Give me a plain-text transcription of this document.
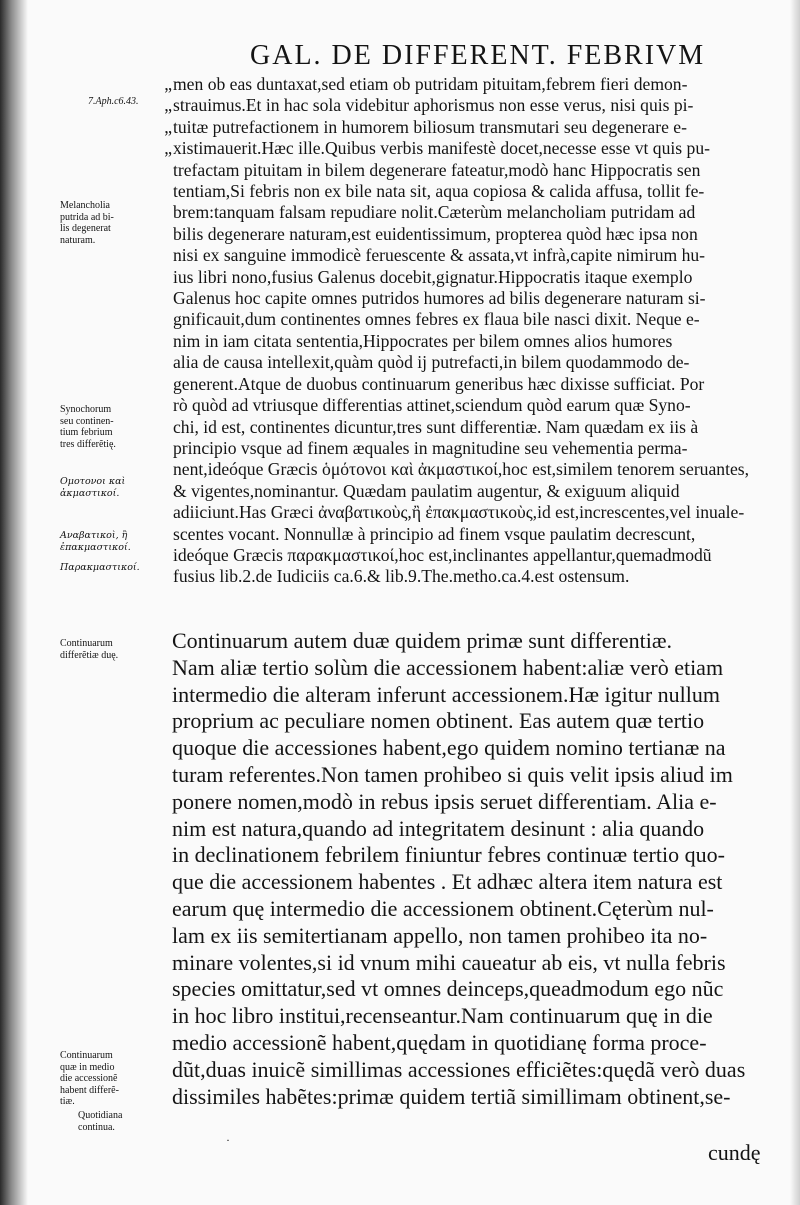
GAL. DE DIFFERENT. FEBRIVM
7.Aph.c6.43.
„
„
„
„
Melancholia
putrida ad bi-
lis degenerat
naturam.
Synochorum
seu continen-
tium febrium
tres differẽtię.
Ομοτονοι καὶ
ἀκμαστικοί.
Αναβατικοὶ, ἢ
ἐπακμαστικοί.
Παρακμαστικοί.
Continuarum
differẽtiæ duę.
Continuarum
quæ in medio
die accessionẽ
habent differẽ-
tiæ.
Quotidiana
continua.
men ob eas duntaxat,sed etiam ob putridam pituitam,febrem fieri demon-
strauimus.Et in hac sola videbitur aphorismus non esse verus, nisi quis pi-
tuitæ putrefactionem in humorem biliosum transmutari seu degenerare e-
xistimauerit.Hæc ille.Quibus verbis manifestè docet,necesse esse vt quis pu-
trefactam pituitam in bilem degenerare fateatur,modò hanc Hippocratis sen
tentiam,Si febris non ex bile nata sit, aqua copiosa & calida affusa, tollit fe-
brem:tanquam falsam repudiare nolit.Cæterùm melancholiam putridam ad
bilis degenerare naturam,est euidentissimum, propterea quòd hæc ipsa non
nisi ex sanguine immodicè feruescente & assata,vt infrà,capite nimirum hu-
ius libri nono,fusius Galenus docebit,gignatur.Hippocratis itaque exemplo
Galenus hoc capite omnes putridos humores ad bilis degenerare naturam si-
gnificauit,dum continentes omnes febres ex flaua bile nasci dixit. Neque e-
nim in iam citata sententia,Hippocrates per bilem omnes alios humores
alia de causa intellexit,quàm quòd ij putrefacti,in bilem quodammodo de-
generent.Atque de duobus continuarum generibus hæc dixisse sufficiat. Por
rò quòd ad vtriusque differentias attinet,sciendum quòd earum quæ Syno-
chi, id est, continentes dicuntur,tres sunt differentiæ. Nam quædam ex iis à
principio vsque ad finem æquales in magnitudine seu vehementia perma-
nent,ideóque Græcis ὁμότονοι καὶ ἀκμαστικοί,hoc est,similem tenorem seruantes,
& vigentes,nominantur. Quædam paulatim augentur, & exiguum aliquid
adiiciunt.Has Græci ἀναβατικοὺς,ἢ ἐπακμαστικοὺς,id est,increscentes,vel inuale-
scentes vocant. Nonnullæ à principio ad finem vsque paulatim decrescunt,
ideóque Græcis παρακμαστικοί,hoc est,inclinantes appellantur,quemadmodũ
fusius lib.2.de Iudiciis ca.6.& lib.9.The.metho.ca.4.est ostensum.
Continuarum autem duæ quidem primæ sunt differentiæ.
Nam aliæ tertio solùm die accessionem habent:aliæ verò etiam
intermedio die alteram inferunt accessionem.Hæ igitur nullum
proprium ac peculiare nomen obtinent. Eas autem quæ tertio
quoque die accessiones habent,ego quidem nomino tertianæ na
turam referentes.Non tamen prohibeo si quis velit ipsis aliud im
ponere nomen,modò in rebus ipsis seruet differentiam. Alia e-
nim est natura,quando ad integritatem desinunt : alia quando
in declinationem febrilem finiuntur febres continuæ tertio quo-
que die accessionem habentes . Et adhæc altera item natura est
earum quę intermedio die accessionem obtinent.Cęterùm nul-
lam ex iis semitertianam appello, non tamen prohibeo ita no-
minare volentes,si id vnum mihi caueatur ab eis, vt nulla febris
species omittatur,sed vt omnes deinceps,queadmodum ego nũc
in hoc libro institui,recenseantur.Nam continuarum quę in die
medio accessionẽ habent,quędam in quotidianę forma proce-
dũt,duas inuicẽ simillimas accessiones efficiẽtes:quędã verò duas
dissimiles habẽtes:primæ quidem tertiã simillimam obtinent,se-
·	cundę
